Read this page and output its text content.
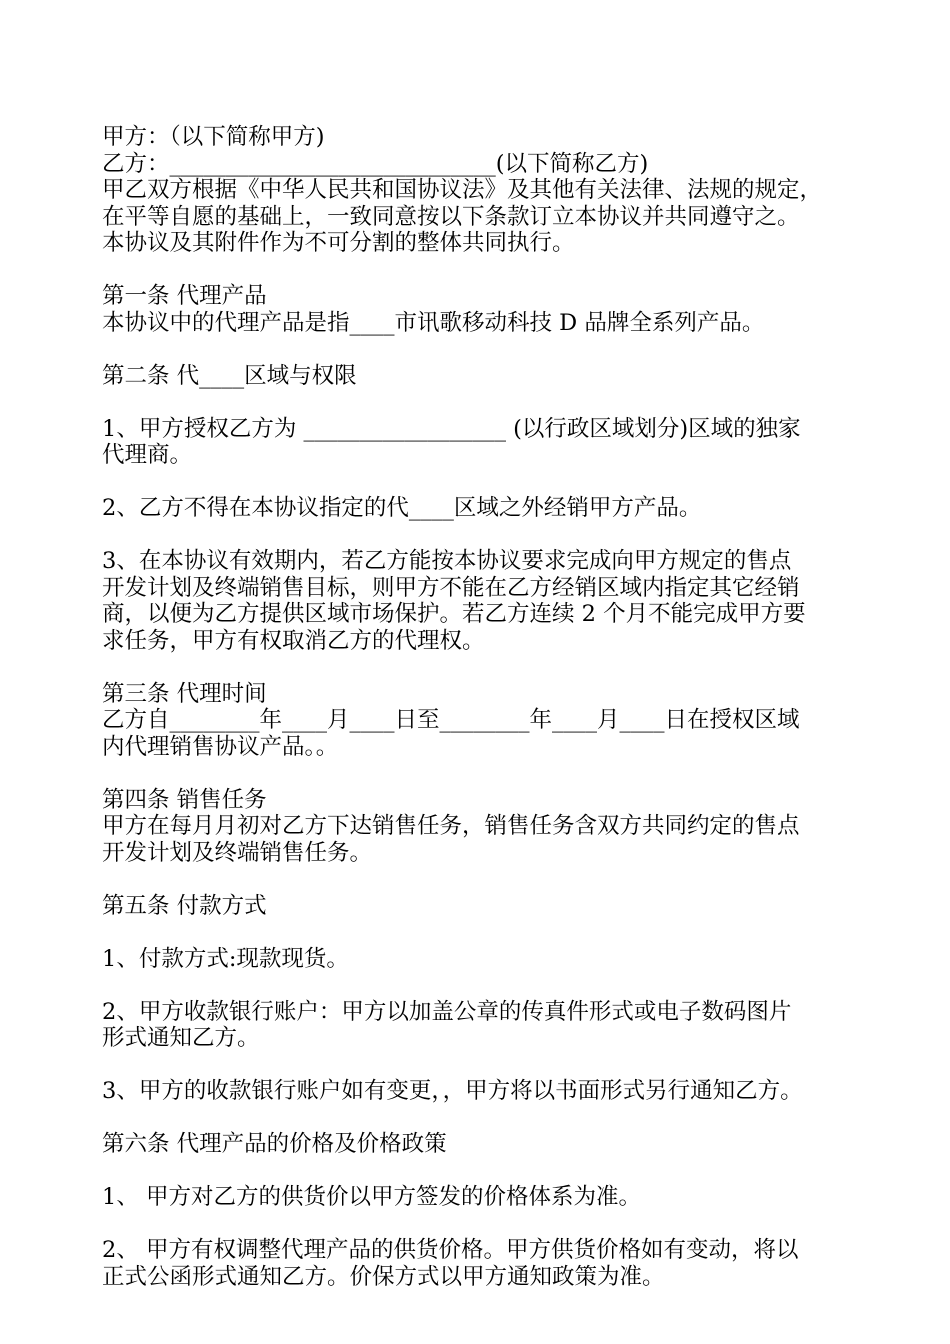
甲方：（以下简称甲方)
乙方：_____________________________(以下简称乙方)
甲乙双方根据《中华人民共和国协议法》及其他有关法律、法规的规定，
在平等自愿的基础上，一致同意按以下条款订立本协议并共同遵守之。
本协议及其附件作为不可分割的整体共同执行。
第一条 代理产品
本协议中的代理产品是指____市讯歌移动科技 D 品牌全系列产品。
第二条 代____区域与权限
1、甲方授权乙方为 __________________ (以行政区域划分)区域的独家
代理商。
2、乙方不得在本协议指定的代____区域之外经销甲方产品。
3、在本协议有效期内，若乙方能按本协议要求完成向甲方规定的售点
开发计划及终端销售目标，则甲方不能在乙方经销区域内指定其它经销
商，以便为乙方提供区域市场保护。若乙方连续 2 个月不能完成甲方要
求任务，甲方有权取消乙方的代理权。
第三条 代理时间
乙方自________年____月____日至________年____月____日在授权区域
内代理销售协议产品。。
第四条 销售任务
甲方在每月月初对乙方下达销售任务，销售任务含双方共同约定的售点
开发计划及终端销售任务。
第五条 付款方式
1、付款方式:现款现货。
2、甲方收款银行账户：甲方以加盖公章的传真件形式或电子数码图片
形式通知乙方。
3、甲方的收款银行账户如有变更，，甲方将以书面形式另行通知乙方。
第六条 代理产品的价格及价格政策
1、 甲方对乙方的供货价以甲方签发的价格体系为准。
2、 甲方有权调整代理产品的供货价格。甲方供货价格如有变动，将以
正式公函形式通知乙方。价保方式以甲方通知政策为准。
